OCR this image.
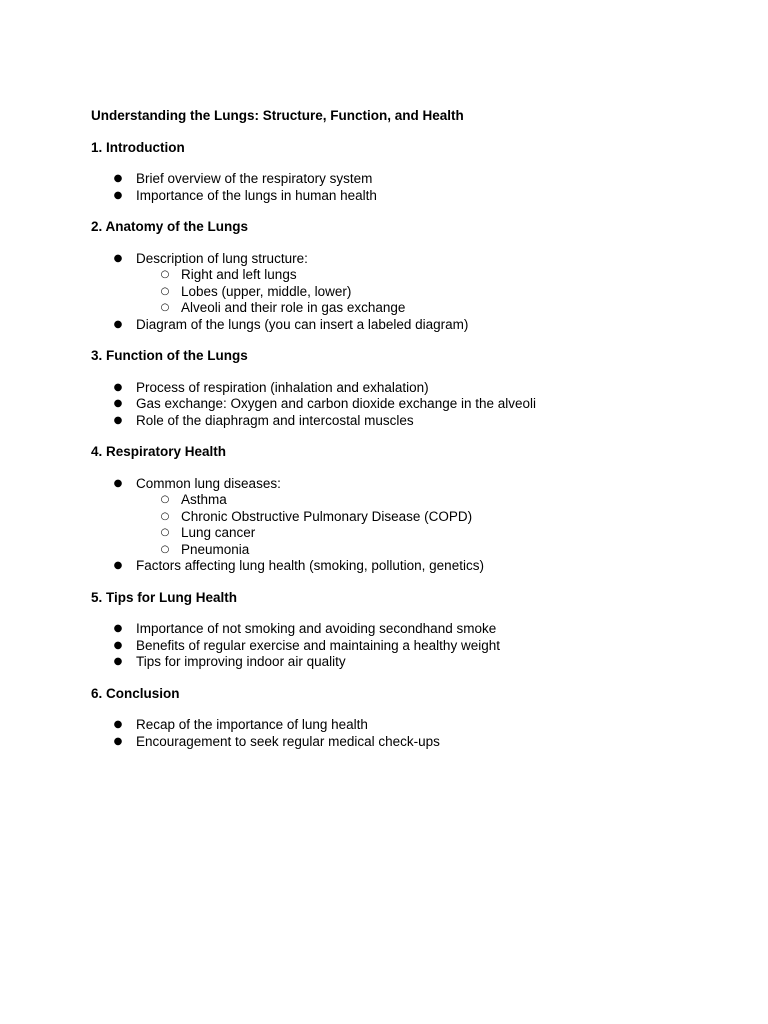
Understanding the Lungs: Structure, Function, and Health
1. Introduction
● Brief overview of the respiratory system
● Importance of the lungs in human health
2. Anatomy of the Lungs
● Description of lung structure:
○ Right and left lungs
○ Lobes (upper, middle, lower)
○ Alveoli and their role in gas exchange
● Diagram of the lungs (you can insert a labeled diagram)
3. Function of the Lungs
● Process of respiration (inhalation and exhalation)
● Gas exchange: Oxygen and carbon dioxide exchange in the alveoli
● Role of the diaphragm and intercostal muscles
4. Respiratory Health
● Common lung diseases:
○ Asthma
○ Chronic Obstructive Pulmonary Disease (COPD)
○ Lung cancer
○ Pneumonia
● Factors affecting lung health (smoking, pollution, genetics)
5. Tips for Lung Health
● Importance of not smoking and avoiding secondhand smoke
● Benefits of regular exercise and maintaining a healthy weight
● Tips for improving indoor air quality
6. Conclusion
● Recap of the importance of lung health
● Encouragement to seek regular medical check-ups
